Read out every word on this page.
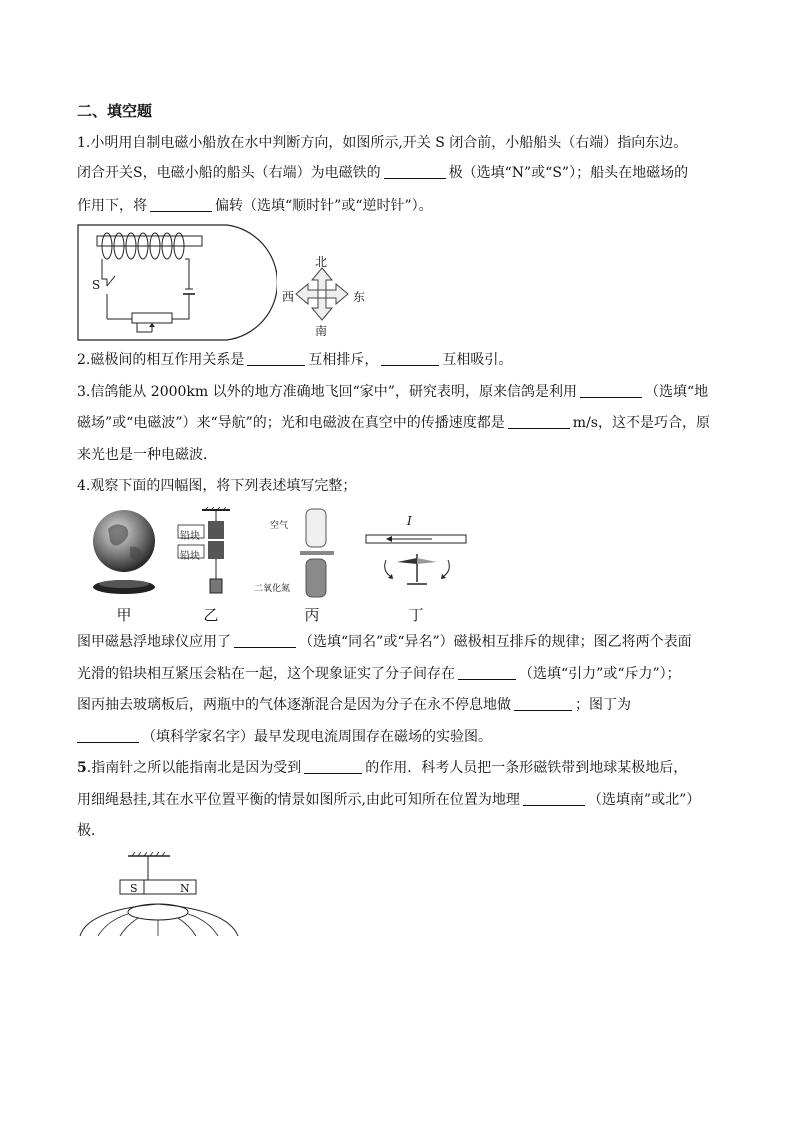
二、填空题
1.小明用自制电磁小船放在水中判断方向，如图所示,开关 S 闭合前，小船船头（右端）指向东边。
闭合开关S，电磁小船的船头（右端）为电磁铁的	极（选填“N”或“S”）；船头在地磁场的
作用下，将	偏转（选填“顺时针”或“逆时针”）。
S
北
南
西	东
2.磁极间的相互作用关系是	互相排斥，	互相吸引。
3.信鸽能从 2000km 以外的地方准确地飞回“家中”，研究表明，原来信鸽是利用	（选填“地
磁场”或“电磁波”）来“导航”的；光和电磁波在真空中的传播速度都是	m/s，这不是巧合，原
来光也是一种电磁波．
4.观察下面的四幅图，将下列表述填写完整；
铅块
铅块
空气
二氧化氮
I
甲	乙	丙	丁
图甲磁悬浮地球仪应用了	（选填“同名”或“异名”）磁极相互排斥的规律；图乙将两个表面
光滑的铅块相互紧压会粘在一起，这个现象证实了分子间存在	（选填“引力”或“斥力”）；
图丙抽去玻璃板后，两瓶中的气体逐渐混合是因为分子在永不停息地做	；图丁为
（填科学家名字）最早发现电流周围存在磁场的实验图。
5.指南针之所以能指南北是因为受到	的作用．科考人员把一条形磁铁带到地球某极地后，
用细绳悬挂,其在水平位置平衡的情景如图所示,由此可知所在位置为地理	（选填南”或北”）
极．
S	N
